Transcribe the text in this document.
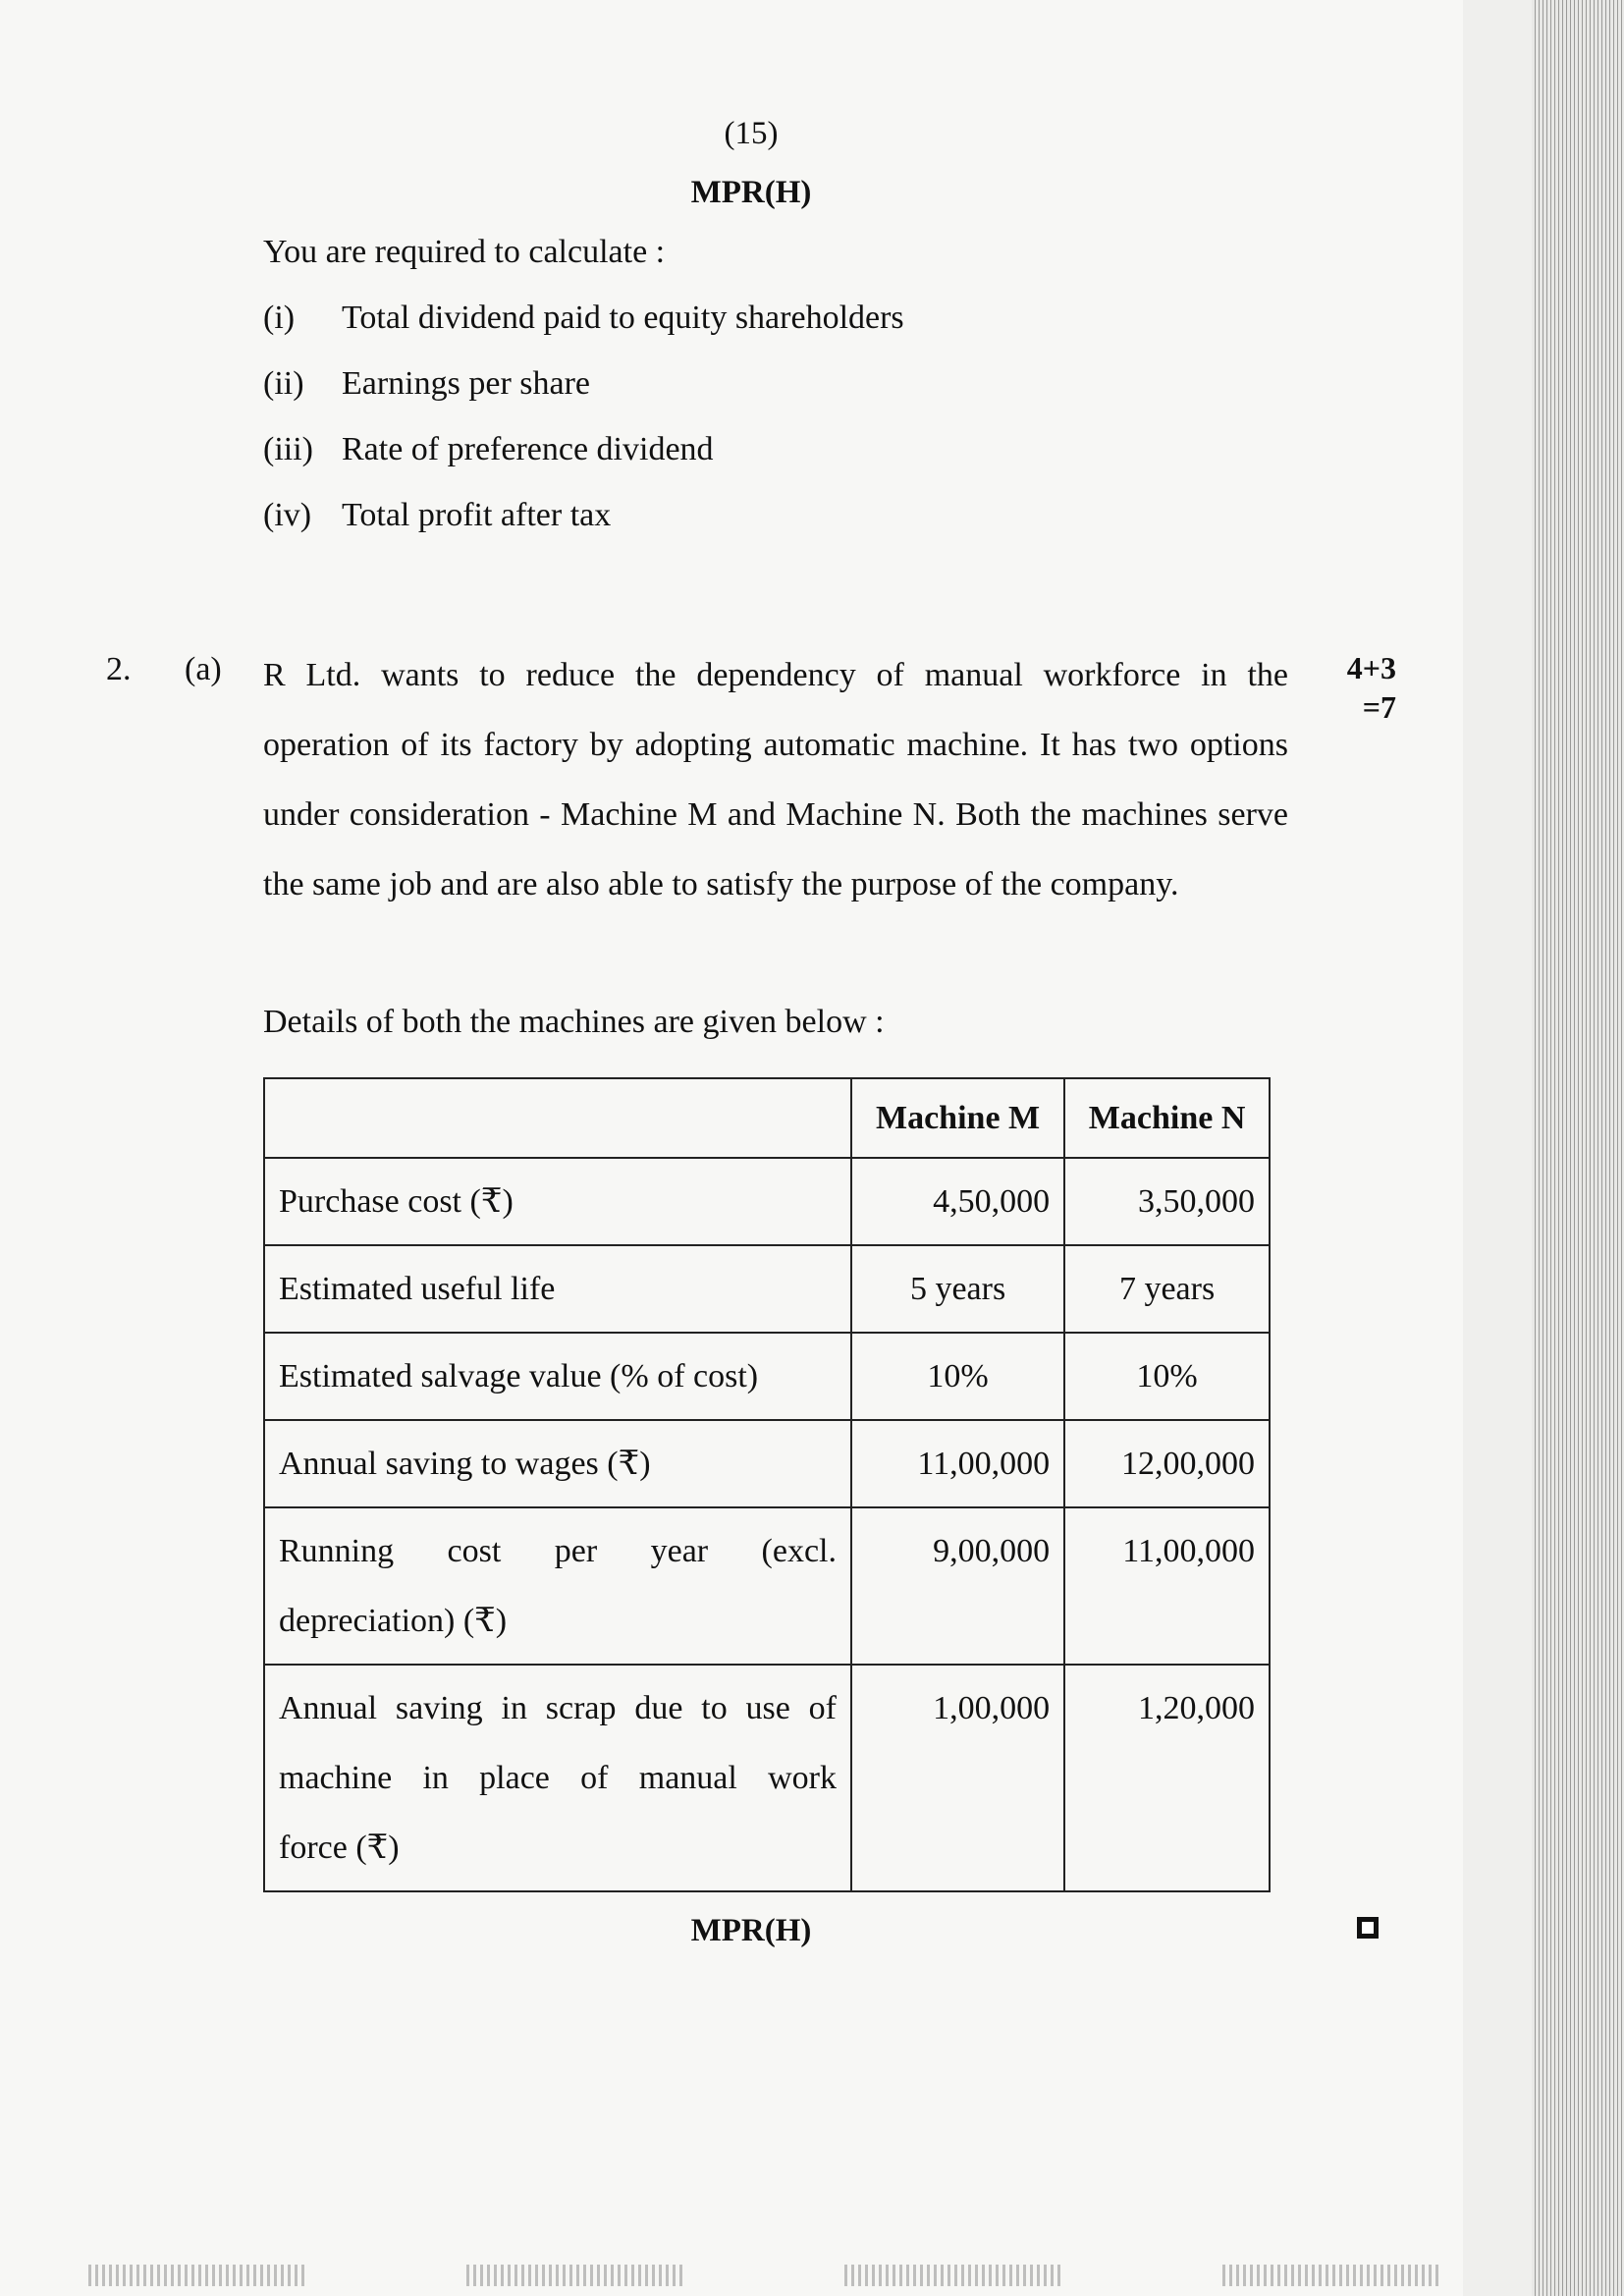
(15)
MPR(H)
You are required to calculate :
(i) Total dividend paid to equity shareholders
(ii) Earnings per share
(iii) Rate of preference dividend
(iv) Total profit after tax
2. (a) R Ltd. wants to reduce the dependency of manual workforce in the operation of its factory by adopting automatic machine. It has two options under consideration - Machine M and Machine N. Both the machines serve the same job and are also able to satisfy the purpose of the company.
4+3
=7
Details of both the machines are given below :
	Machine M	Machine N
Purchase cost (₹)	4,50,000	3,50,000
Estimated useful life	5 years	7 years
Estimated salvage value (% of cost)	10%	10%
Annual saving to wages (₹)	11,00,000	12,00,000

Running cost per year (excl.
depreciation) (₹)	9,00,000	11,00,000

Annual saving in scrap due to use of
machine in place of manual work
force (₹)	1,00,000	1,20,000
MPR(H)
